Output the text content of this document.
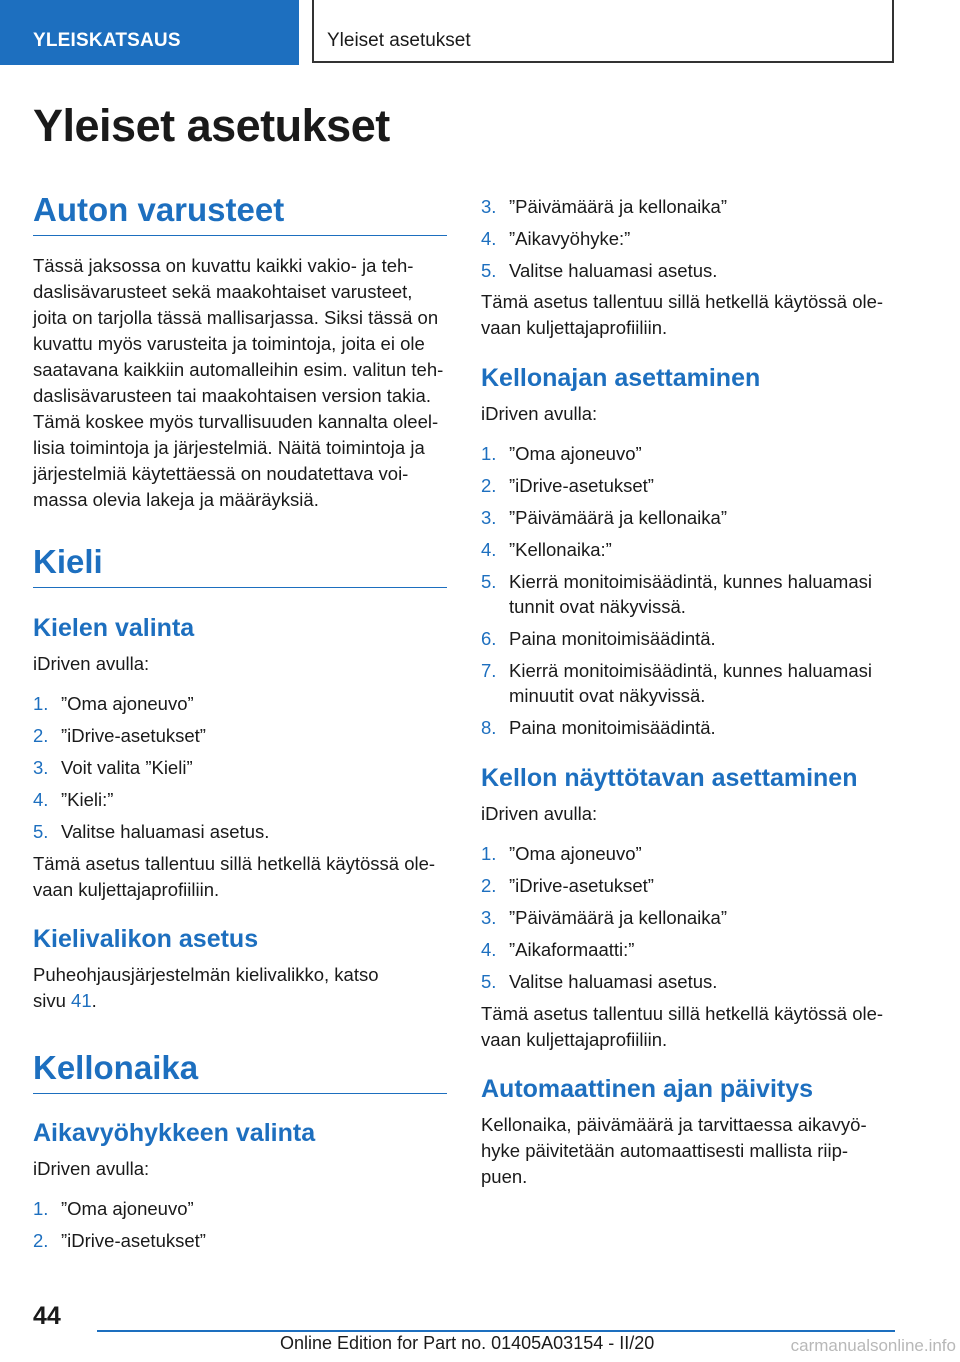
YLEISKATSAUS	Yleiset asetukset
Yleiset asetukset
Auton varusteet

Tässä jaksossa on kuvattu kaikki vakio- ja teh-
daslisävarusteet sekä maakohtaiset varusteet,
joita on tarjolla tässä mallisarjassa. Siksi tässä on
kuvattu myös varusteita ja toimintoja, joita ei ole
saatavana kaikkiin automalleihin esim. valitun teh-
daslisävarusteen tai maakohtaisen version takia.
Tämä koskee myös turvallisuuden kannalta oleel-
lisia toimintoja ja järjestelmiä. Näitä toimintoja ja
järjestelmiä käytettäessä on noudatettava voi-
massa olevia lakeja ja määräyksiä.

Kieli
Kielen valinta

iDriven avulla:

1. ”Oma ajoneuvo”
2. ”iDrive-asetukset”
3. Voit valita ”Kieli”
4. ”Kieli:”
5. Valitse haluamasi asetus.

Tämä asetus tallentuu sillä hetkellä käytössä ole-
vaan kuljettajaprofiiliin.

Kielivalikon asetus

Puheohjausjärjestelmän kielivalikko, katso
sivu 41.

Kellonaika
Aikavyöhykkeen valinta

iDriven avulla:

1. ”Oma ajoneuvo”
2. ”iDrive-asetukset”
3. ”Päivämäärä ja kellonaika”
4. ”Aikavyöhyke:”
5. Valitse haluamasi asetus.

Tämä asetus tallentuu sillä hetkellä käytössä ole-
vaan kuljettajaprofiiliin.

Kellonajan asettaminen

iDriven avulla:

1. ”Oma ajoneuvo”
2. ”iDrive-asetukset”
3. ”Päivämäärä ja kellonaika”
4. ”Kellonaika:”
5. Kierrä monitoimisäädintä, kunnes haluamasi
tunnit ovat näkyvissä.
6. Paina monitoimisäädintä.
7. Kierrä monitoimisäädintä, kunnes haluamasi
minuutit ovat näkyvissä.
8. Paina monitoimisäädintä.
Kellon näyttötavan asettaminen

iDriven avulla:

1. ”Oma ajoneuvo”
2. ”iDrive-asetukset”
3. ”Päivämäärä ja kellonaika”
4. ”Aikaformaatti:”
5. Valitse haluamasi asetus.

Tämä asetus tallentuu sillä hetkellä käytössä ole-
vaan kuljettajaprofiiliin.

Automaattinen ajan päivitys

Kellonaika, päivämäärä ja tarvittaessa aikavyö-
hyke päivitetään automaattisesti mallista riip-
puen.

44
Online Edition for Part no. 01405A03154 - II/20	carmanualsonline.info
